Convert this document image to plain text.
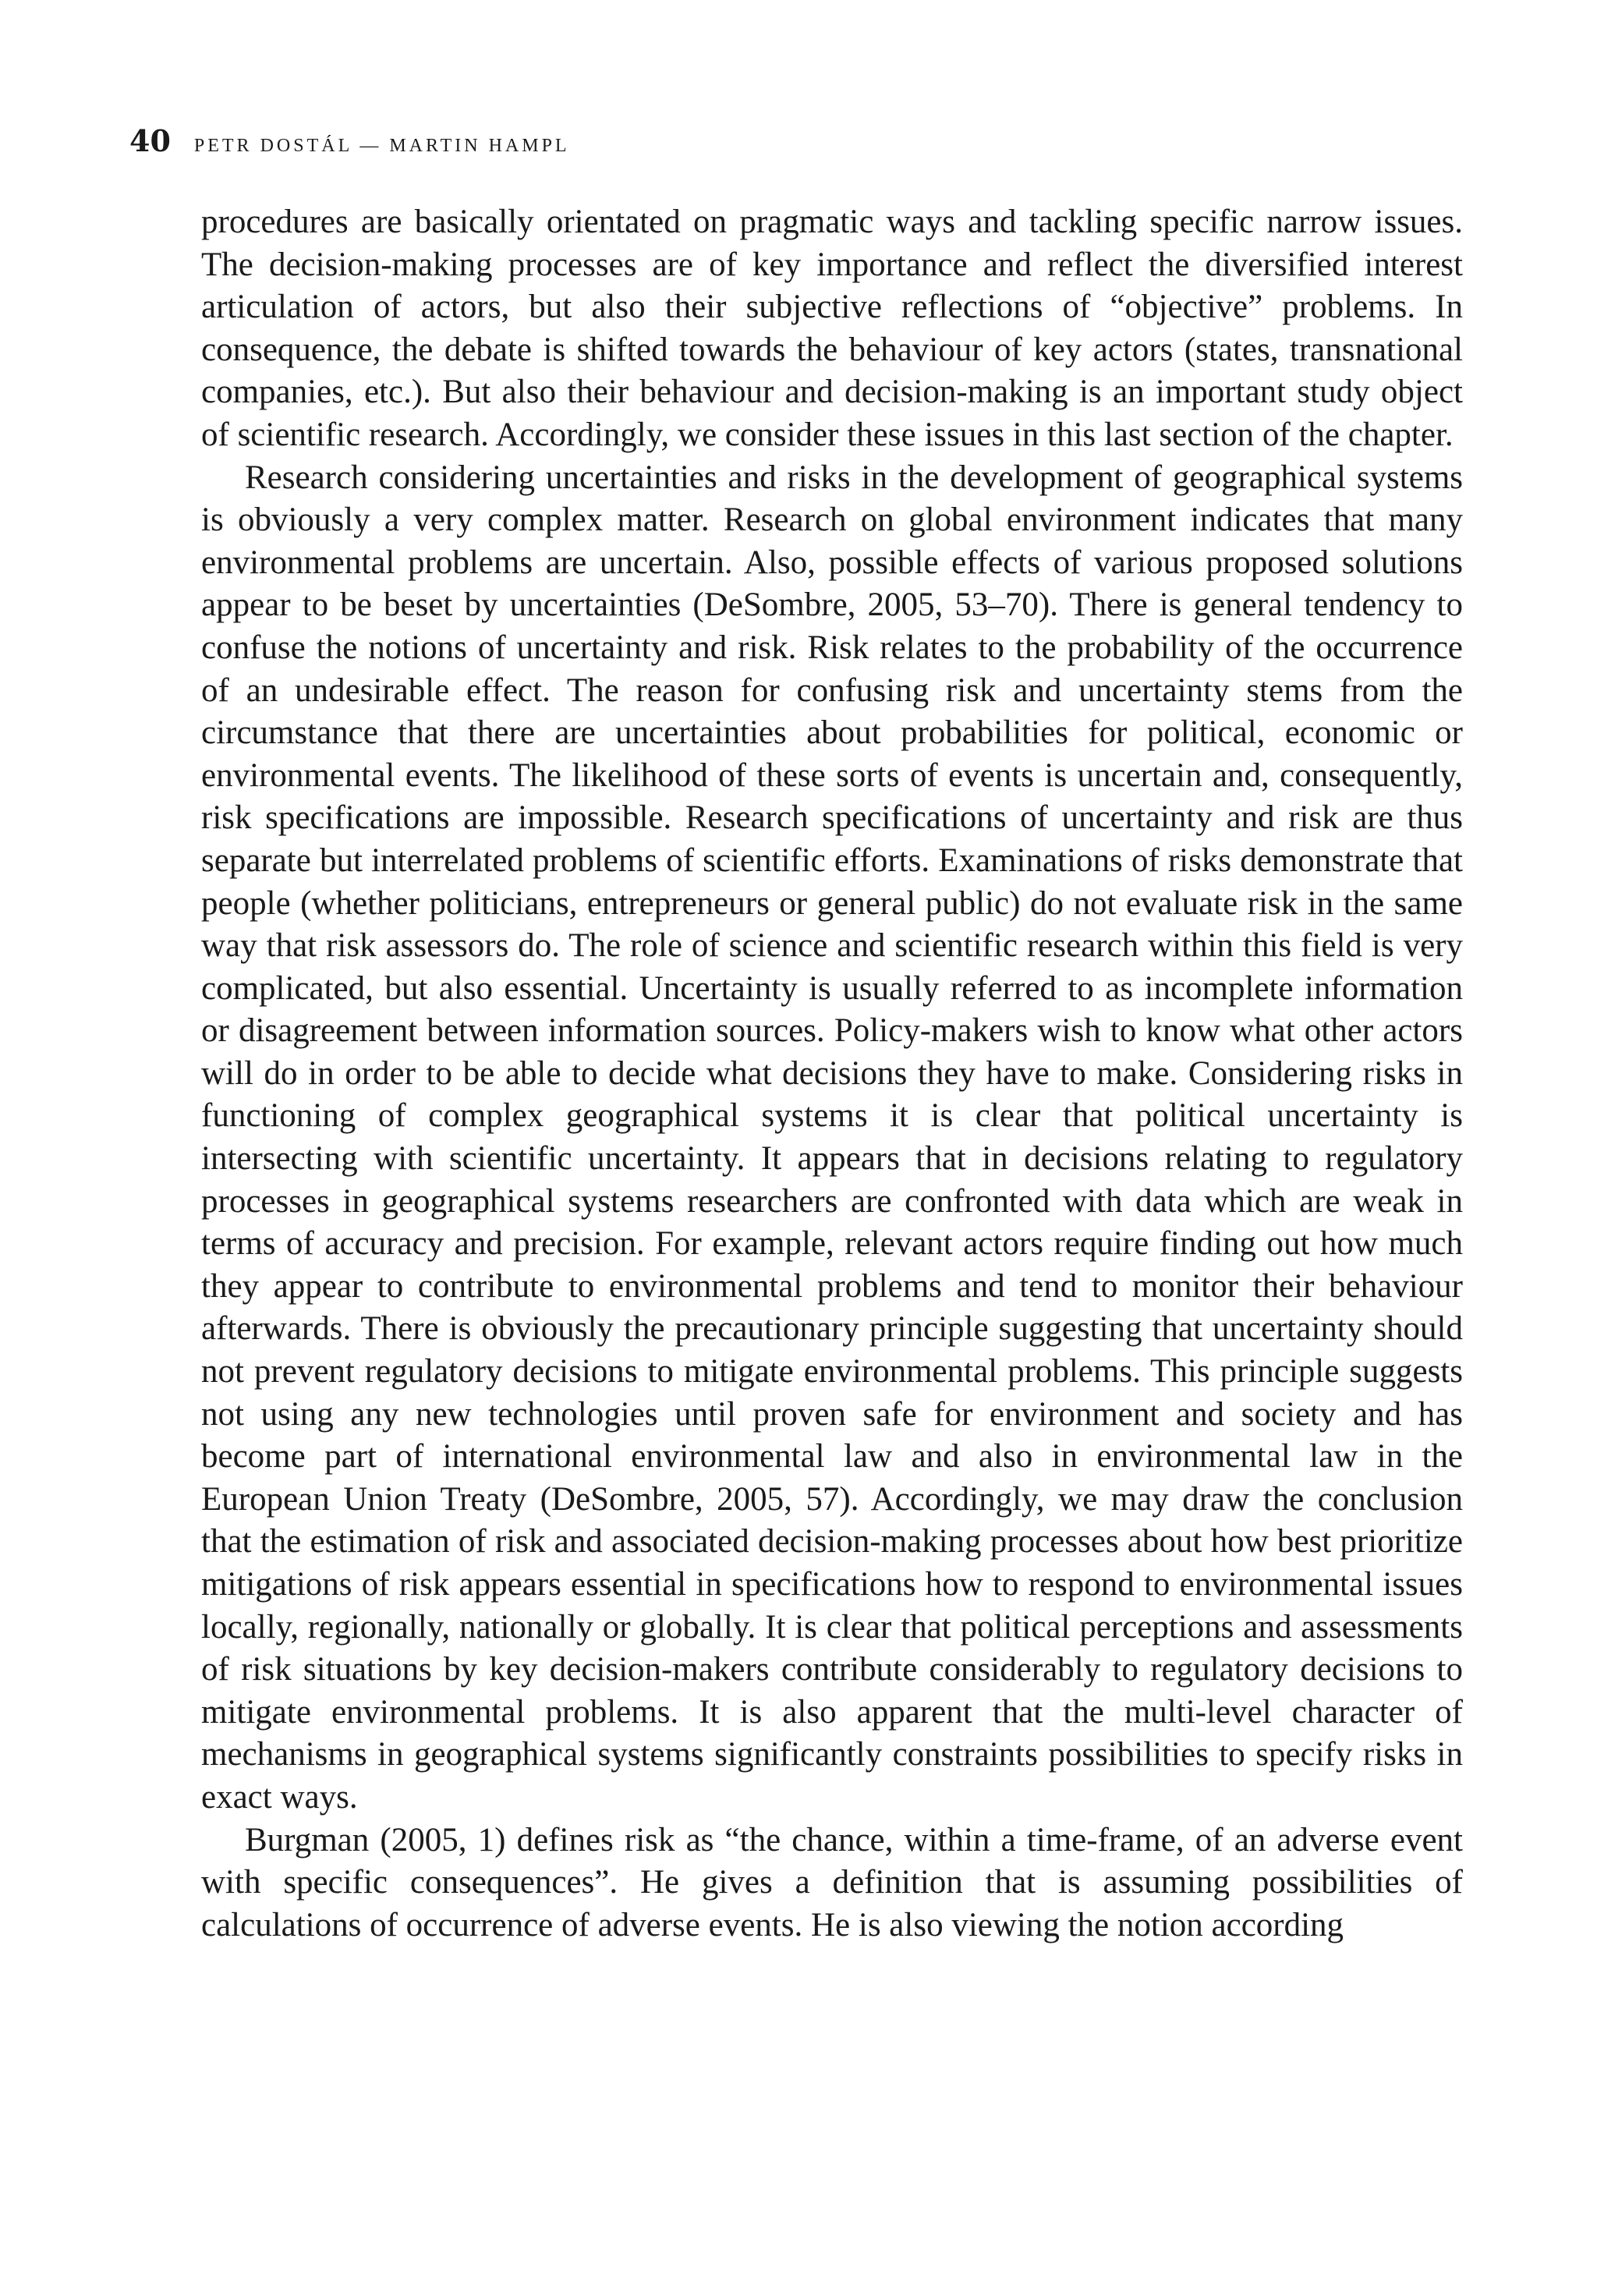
40 PETR DOSTÁL — MARTIN HAMPL

procedures are basically orientated on pragmatic ways and tackling specific narrow issues. The decision-making processes are of key importance and reflect the diversified interest articulation of actors, but also their subjective reflections of “objective” problems. In consequence, the debate is shifted towards the behaviour of key actors (states, transnational companies, etc.). But also their behaviour and decision-making is an important study object of scientific research. Accordingly, we consider these issues in this last section of the chapter.

Research considering uncertainties and risks in the development of geographical systems is obviously a very complex matter. Research on global environment indicates that many environmental problems are uncertain. Also, possible effects of various proposed solutions appear to be beset by uncertainties (DeSombre, 2005, 53–70). There is general tendency to confuse the notions of uncertainty and risk. Risk relates to the probability of the occurrence of an undesirable effect. The reason for confusing risk and uncertainty stems from the circumstance that there are uncertainties about probabilities for political, economic or environmental events. The likelihood of these sorts of events is uncertain and, consequently, risk specifications are impossible. Research specifications of uncertainty and risk are thus separate but interrelated problems of scientific efforts. Examinations of risks demonstrate that people (whether politicians, entrepreneurs or general public) do not evaluate risk in the same way that risk assessors do. The role of science and scientific research within this field is very complicated, but also essential. Uncertainty is usually referred to as incomplete information or disagreement between information sources. Policy-makers wish to know what other actors will do in order to be able to decide what decisions they have to make. Considering risks in functioning of complex geographical systems it is clear that political uncertainty is intersecting with scientific uncertainty. It appears that in decisions relating to regulatory processes in geographical systems researchers are confronted with data which are weak in terms of accuracy and precision. For example, relevant actors require finding out how much they appear to contribute to environmental problems and tend to monitor their behaviour afterwards. There is obviously the precautionary principle suggesting that uncertainty should not prevent regulatory decisions to mitigate environmental problems. This principle suggests not using any new technologies until proven safe for environment and society and has become part of international environmental law and also in environmental law in the European Union Treaty (DeSombre, 2005, 57). Accordingly, we may draw the conclusion that the estimation of risk and associated decision-making processes about how best prioritize mitigations of risk appears essential in specifications how to respond to environmental issues locally, regionally, nationally or globally. It is clear that political perceptions and assessments of risk situations by key decision-makers contribute considerably to regulatory decisions to mitigate environmental problems. It is also apparent that the multi-level character of mechanisms in geographical systems significantly constraints possibilities to specify risks in exact ways.

Burgman (2005, 1) defines risk as “the chance, within a time-frame, of an adverse event with specific consequences”. He gives a definition that is assuming possibilities of calculations of occurrence of adverse events. He is also viewing the notion according
